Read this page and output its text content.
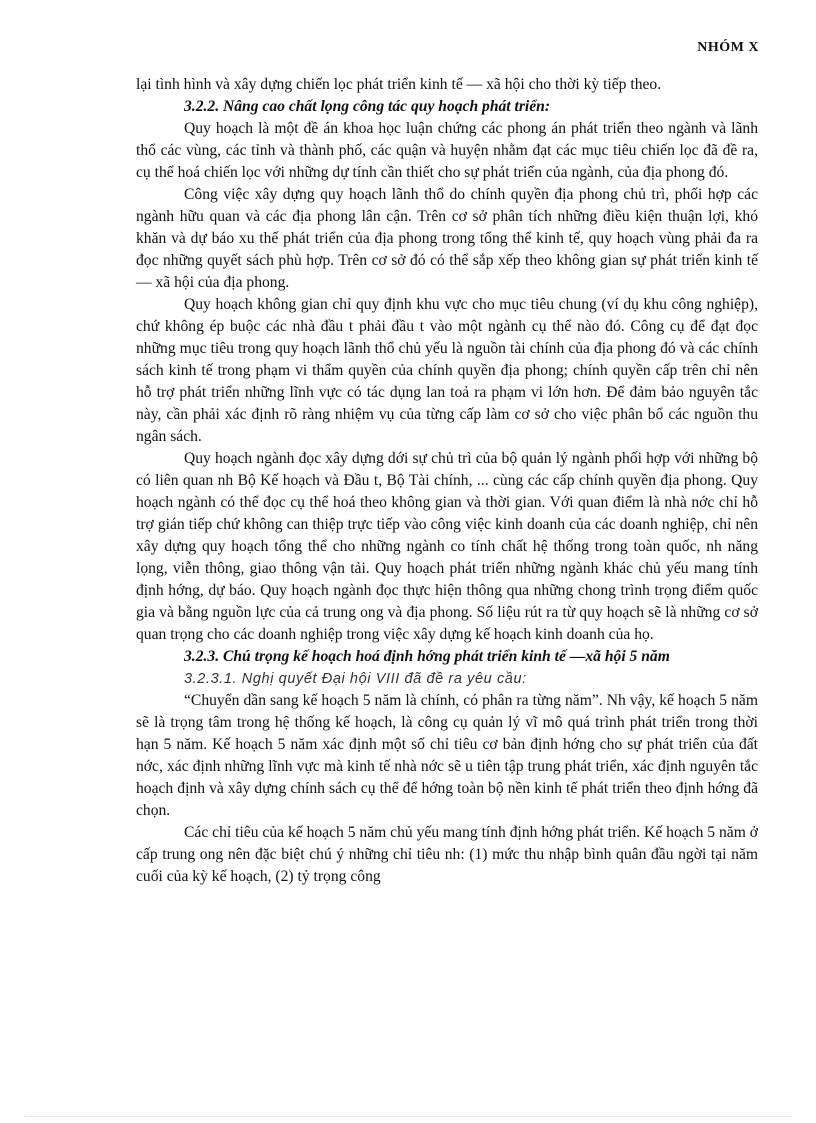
NHÓM X

lại tình hình và xây dựng chiến lọc phát triển kinh tế — xã hội cho thời kỳ tiếp theo.

3.2.2. Nâng cao chất lọng công tác quy hoạch phát triển:

Quy hoạch là một đề án khoa học luận chứng các phong án phát triển theo ngành và lãnh thổ các vùng, các tỉnh và thành phố, các quận và huyện nhằm đạt các mục tiêu chiến lọc đã đề ra, cụ thể hoá chiến lọc với những dự tính cần thiết cho sự phát triển của ngành, của địa phong đó.

Công việc xây dựng quy hoạch lãnh thổ do chính quyền địa phong chủ trì, phối hợp các ngành hữu quan và các địa phong lân cận. Trên cơ sở phân tích những điều kiện thuận lợi, khó khăn và dự báo xu thế phát triển của địa phong trong tổng thể kinh tế, quy hoạch vùng phải đa ra đọc những quyết sách phù hợp. Trên cơ sở đó có thể sắp xếp theo không gian sự phát triển kinh tế — xã hội của địa phong.

Quy hoạch không gian chỉ quy định khu vực cho mục tiêu chung (ví dụ khu công nghiệp), chứ không ép buộc các nhà đầu t phải đầu t vào một ngành cụ thể nào đó. Công cụ để đạt đọc những mục tiêu trong quy hoạch lãnh thổ chủ yếu là nguồn tài chính của địa phong đó và các chính sách kinh tế trong phạm vi thẩm quyền của chính quyền địa phong; chính quyền cấp trên chỉ nên hỗ trợ phát triển những lĩnh vực có tác dụng lan toả ra phạm vi lớn hơn. Để đảm bảo nguyên tắc này, cần phải xác định rõ ràng nhiệm vụ của từng cấp làm cơ sở cho việc phân bổ các nguồn thu ngân sách.

Quy hoạch ngành đọc xây dựng dới sự chủ trì của bộ quản lý ngành phối hợp với những bộ có liên quan nh Bộ Kế hoạch và Đầu t, Bộ Tài chính, ... cùng các cấp chính quyền địa phong. Quy hoạch ngành có thể đọc cụ thể hoá theo không gian và thời gian. Với quan điểm là nhà nớc chỉ hỗ trợ gián tiếp chứ không can thiệp trực tiếp vào công việc kinh doanh của các doanh nghiệp, chỉ nên xây dựng quy hoạch tổng thể cho những ngành co tính chất hệ thống trong toàn quốc, nh năng lọng, viễn thông, giao thông vận tải. Quy hoạch phát triển những ngành khác chủ yếu mang tính định hớng, dự báo. Quy hoạch ngành đọc thực hiện thông qua những chong trình trọng điểm quốc gia và bằng nguồn lực của cả trung ong và địa phong. Số liệu rút ra từ quy hoạch sẽ là những cơ sở quan trọng cho các doanh nghiệp trong việc xây dựng kế hoạch kinh doanh của họ.

3.2.3. Chú trọng kế hoạch hoá định hớng phát triển kinh tế —xã hội 5 năm

3.2.3.1. Nghị quyết Đại hội VIII đã đề ra yêu cầu:

“Chuyển dần sang kế hoạch 5 năm là chính, có phân ra từng năm”. Nh vậy, kế hoạch 5 năm sẽ là trọng tâm trong hệ thống kế hoạch, là công cụ quản lý vĩ mô quá trình phát triển trong thời hạn 5 năm. Kế hoạch 5 năm xác định một số chỉ tiêu cơ bản định hớng cho sự phát triển của đất nớc, xác định những lĩnh vực mà kinh tế nhà nớc sẽ u tiên tập trung phát triển, xác định nguyên tắc hoạch định và xây dựng chính sách cụ thể để hớng toàn bộ nền kinh tế phát triển theo định hớng đã chọn.

Các chỉ tiêu của kế hoạch 5 năm chủ yếu mang tính định hớng phát triển. Kế hoạch 5 năm ở cấp trung ong nên đặc biệt chú ý những chỉ tiêu nh: (1) mức thu nhập bình quân đầu ngời tại năm cuối của kỳ kế hoạch, (2) tỷ trọng công
